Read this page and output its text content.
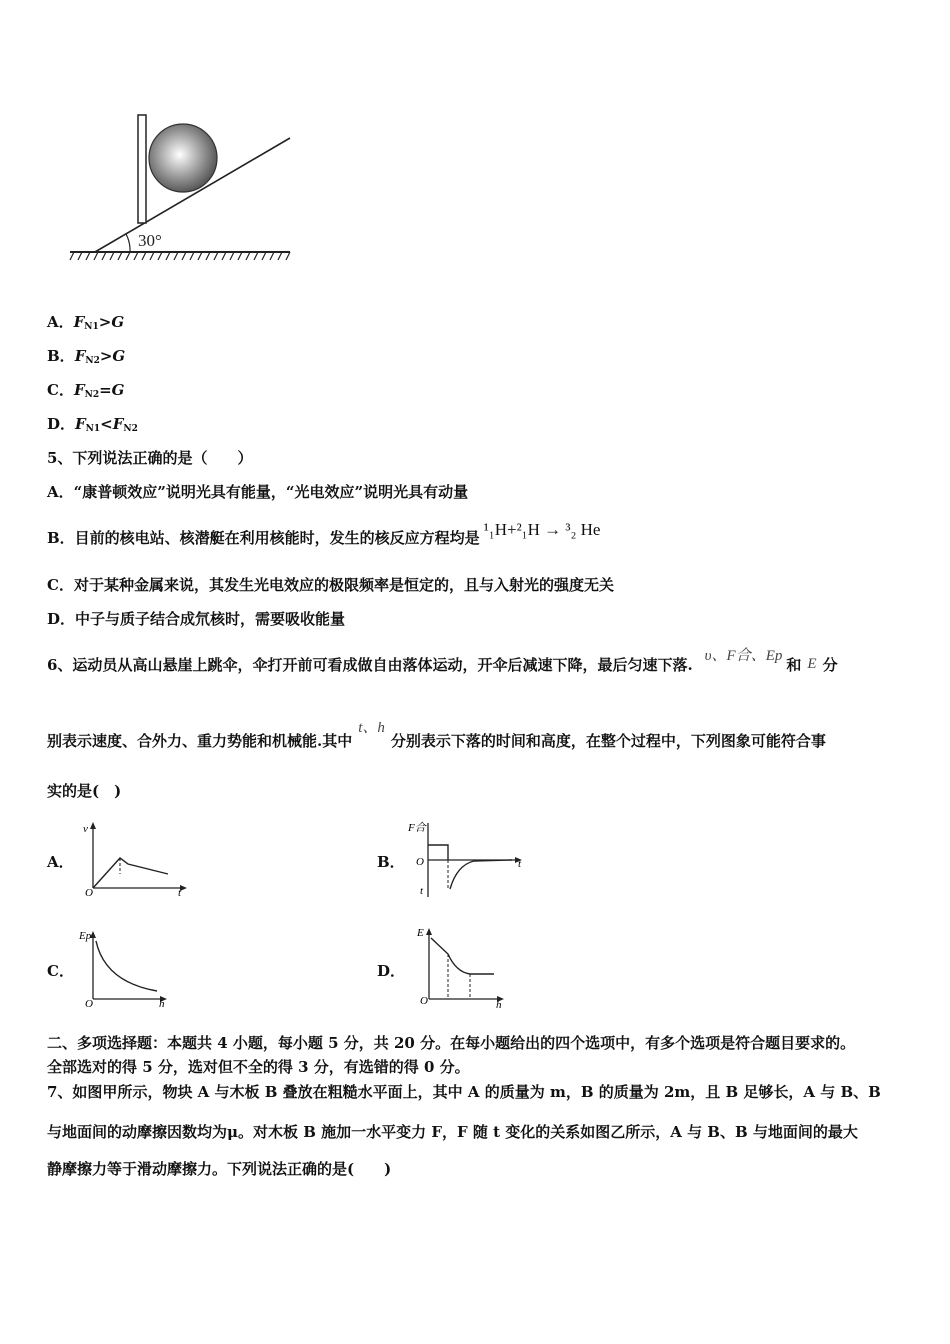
30°
A．$F_{N1}>G$
B．$F_{N2}>G$
C．$F_{N2}=G$
D．$F_{N1}<F_{N2}$
5、下列说法正确的是（　　）
A．“康普顿效应”说明光具有能量，“光电效应”说明光具有动量
B．目前的核电站、核潜艇在利用核能时，发生的核反应方程均是 ¹₁H+²₁H → ³₂ He
C．对于某种金属来说，其发生光电效应的极限频率是恒定的，且与入射光的强度无关
D．中子与质子结合成氘核时，需要吸收能量
6、运动员从高山悬崖上跳伞，伞打开前可看成做自由落体运动，开伞后减速下降，最后匀速下落. υ、F合、Ep 和 E 分
别表示速度、合外力、重力势能和机械能.其中t、h分别表示下落的时间和高度，在整个过程中，下列图象可能符合事
实的是(　)
A．
v
O	t
B．
F合
O	t
t
C．
Ep
O	h
D．
E
O	h
二、多项选择题：本题共 4 小题，每小题 5 分，共 20 分。在每小题给出的四个选项中，有多个选项是符合题目要求的。
全部选对的得 5 分，选对但不全的得 3 分，有选错的得 0 分。
7、如图甲所示，物块 A 与木板 B 叠放在粗糙水平面上，其中 A 的质量为 m，B 的质量为 2m，且 B 足够长，A 与 B、B
与地面间的动摩擦因数均为μ。对木板 B 施加一水平变力 F，F 随 t 变化的关系如图乙所示，A 与 B、B 与地面间的最大
静摩擦力等于滑动摩擦力。下列说法正确的是(　　)
